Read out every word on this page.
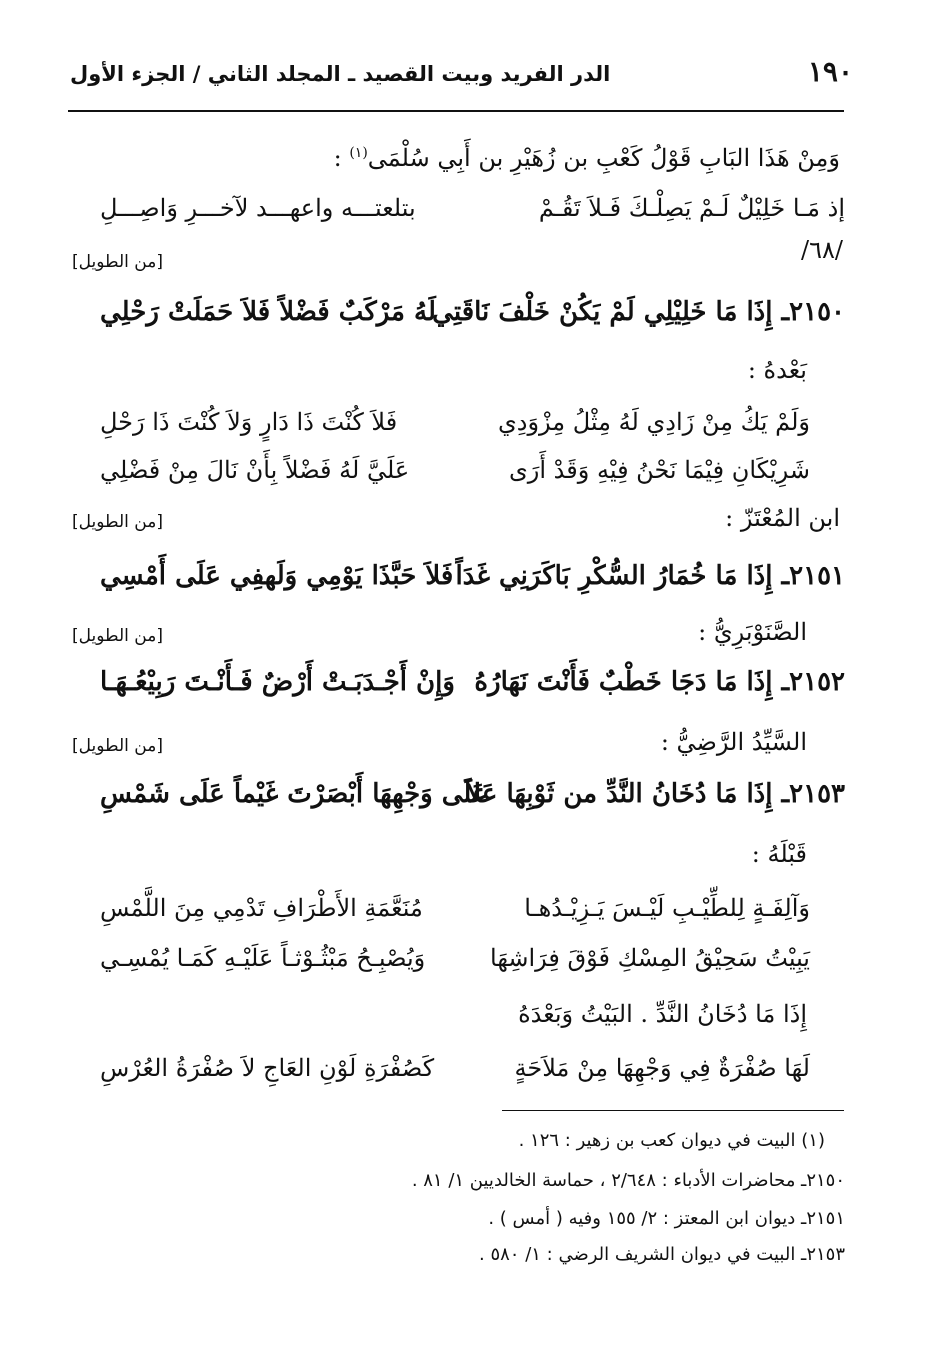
١٩٠
الدر الفريد وبيت القصيد ـ المجلد الثاني / الجزء الأول
وَمِنْ هَذَا البَابِ قَوْلُ كَعْبِ بن زُهَيْرِ بن أَبِي سُلْمَى$^{(١)}$ :
إذ مَـا خَلِيْلٌ لَـمْ يَصِلْـكَ فَـلاَ تَقُـمْ
بتلعتـــه واعهـــد لآخـــرِ وَاصِـــلِ
/٦٨/
[من الطويل]
٢١٥٠ـ إِذَا مَا خَلِيْلِي لَمْ يَكُنْ خَلْفَ نَاقَتِي
لَهُ مَرْكَبٌ فَضْلاً فَلاَ حَمَلَتْ رَحْلِي
بَعْدهُ :
وَلَمْ يَكُ مِنْ زَادِي لَهُ مِثْلُ مِزْوَدِي
فَلاَ كُنْتَ ذَا دَارٍ وَلاَ كُنْتَ ذَا رَحْلِ
شَرِيْكَانِ فِيْمَا نَحْنُ فِيْهِ وَقَدْ أَرَى
عَلَيَّ لَهُ فَضْلاً بِأَنْ نَالَ مِنْ فَضْلِي
ابن المُعْتَزّ :
[من الطويل]
٢١٥١ـ إِذَا مَا خُمَارُ السُّكْرِ بَاكَرَنِي غَدَاً
فَلاَ حَبَّذَا يَوْمِي وَلَهفِي عَلَى أَمْسِي
الصَّنَوْبَرِيُّ :
[من الطويل]
٢١٥٢ـ إِذَا مَا دَجَا خَطْبٌ فَأَنْتَ نَهَارُهُ
وَإِنْ أَجْـدَبَـتْ أَرْضٌ فَـأَنْـتَ رَبِيْعُـهَـا
السَّيِّدُ الرَّضِيُّ :
[من الطويل]
٢١٥٣ـ إِذَا مَا دُخَانُ النَّدِّ من ثَوْبِهَا عَلاَ
عَلَى وَجْهِهَا أَبْصَرْتَ غَيْماً عَلَى شَمْسِ
قَبْلَهُ :
وَآلِفَـةٍ لِلطِّيْـبِ لَيْـسَ يَـزِيْـدُهـا
مُنَعَّمَةِ الأَطْرَافِ تَدْمِي مِنَ اللَّمْسِ
يَبِيْتُ سَحِيْقُ المِسْكِ فَوْقَ فِرَاشِهَا
وَيُصْبِـحُ مَبْثُـوْثـاً عَلَيْـهِ كَمَـا يُمْسِـي
إِذَا مَا دُخَانُ النَّدِّ . البَيْتُ وَبَعْدَهُ
لَهَا صُفْرَةٌ فِي وَجْهِهَا مِنْ مَلاَحَةٍ
كَصُفْرَةِ لَوْنِ العَاجِ لاَ صُفْرَةُ العُرْسِ
(١) البيت في ديوان كعب بن زهير : ١٢٦ .
٢١٥٠ـ محاضرات الأدباء : ٢/٦٤٨ ، حماسة الخالديين ١/ ٨١ .
٢١٥١ـ ديوان ابن المعتز : ٢/ ١٥٥ وفيه ( أمس ) .
٢١٥٣ـ البيت في ديوان الشريف الرضي : ١/ ٥٨٠ .
